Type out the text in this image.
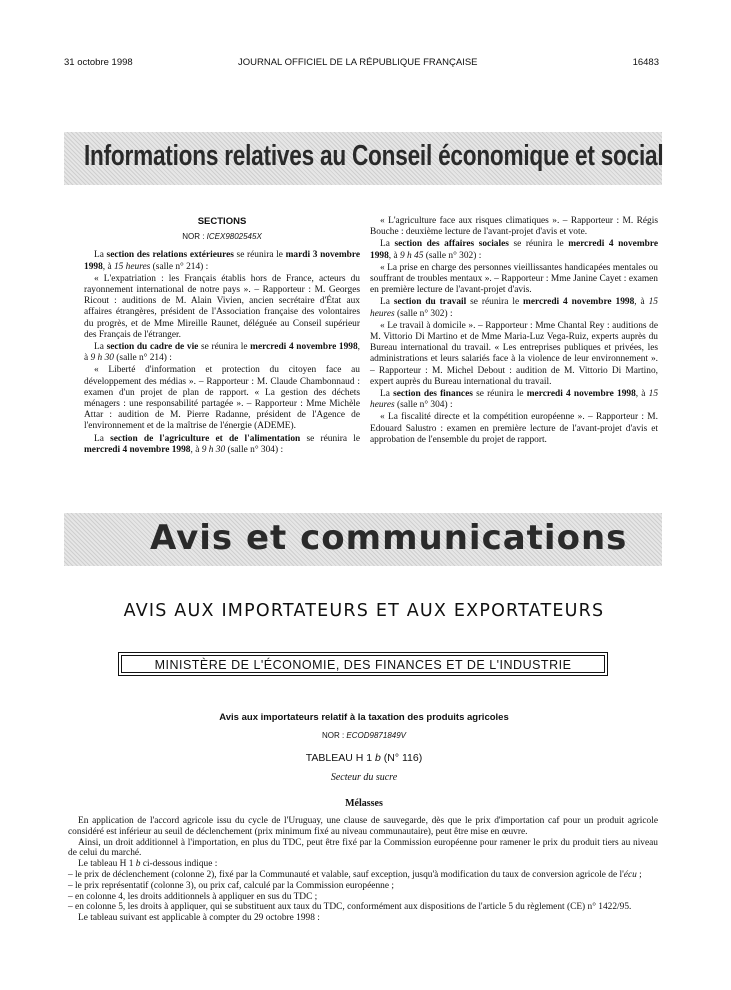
31 octobre 1998	JOURNAL OFFICIEL DE LA RÉPUBLIQUE FRANÇAISE	16483
Informations relatives au Conseil économique et social
SECTIONS
NOR : ICEX9802545X

La section des relations extérieures se réunira le mardi 3 novembre 1998, à 15 heures (salle n° 214) :

« L'expatriation : les Français établis hors de France, acteurs du rayonnement international de notre pays ». – Rapporteur : M. Georges Ricout : auditions de M. Alain Vivien, ancien secrétaire d'État aux affaires étrangères, président de l'Association française des volontaires du progrès, et de Mme Mireille Raunet, déléguée au Conseil supérieur des Français de l'étranger.

La section du cadre de vie se réunira le mercredi 4 novembre 1998, à 9 h 30 (salle n° 214) :

« Liberté d'information et protection du citoyen face au développement des médias ». – Rapporteur : M. Claude Chambonnaud : examen d'un projet de plan de rapport. « La gestion des déchets ménagers : une responsabilité partagée ». – Rapporteur : Mme Michèle Attar : audition de M. Pierre Radanne, président de l'Agence de l'environnement et de la maîtrise de l'énergie (ADEME).

La section de l'agriculture et de l'alimentation se réunira le mercredi 4 novembre 1998, à 9 h 30 (salle n° 304) :

« L'agriculture face aux risques climatiques ». – Rapporteur : M. Régis Bouche : deuxième lecture de l'avant-projet d'avis et vote.

La section des affaires sociales se réunira le mercredi 4 novembre 1998, à 9 h 45 (salle n° 302) :

« La prise en charge des personnes vieillissantes handicapées mentales ou souffrant de troubles mentaux ». – Rapporteur : Mme Janine Cayet : examen en première lecture de l'avant-projet d'avis.

La section du travail se réunira le mercredi 4 novembre 1998, à 15 heures (salle n° 302) :

« Le travail à domicile ». – Rapporteur : Mme Chantal Rey : auditions de M. Vittorio Di Martino et de Mme Maria-Luz Vega-Ruiz, experts auprès du Bureau international du travail. « Les entreprises publiques et privées, les administrations et leurs salariés face à la violence de leur environnement ». – Rapporteur : M. Michel Debout : audition de M. Vittorio Di Martino, expert auprès du Bureau international du travail.

La section des finances se réunira le mercredi 4 novembre 1998, à 15 heures (salle n° 304) :

« La fiscalité directe et la compétition européenne ». – Rapporteur : M. Edouard Salustro : examen en première lecture de l'avant-projet d'avis et approbation de l'ensemble du projet de rapport.

Avis et communications
AVIS AUX IMPORTATEURS ET AUX EXPORTATEURS
MINISTÈRE DE L'ÉCONOMIE, DES FINANCES ET DE L'INDUSTRIE
Avis aux importateurs relatif à la taxation des produits agricoles
NOR : ECOD9871849V
TABLEAU H 1 b (N° 116)
Secteur du sucre
Mélasses

En application de l'accord agricole issu du cycle de l'Uruguay, une clause de sauvegarde, dès que le prix d'importation caf pour un produit agricole considéré est inférieur au seuil de déclenchement (prix minimum fixé au niveau communautaire), peut être mise en œuvre.

Ainsi, un droit additionnel à l'importation, en plus du TDC, peut être fixé par la Commission européenne pour ramener le prix du produit tiers au niveau de celui du marché.

Le tableau H 1 b ci-dessous indique :

– le prix de déclenchement (colonne 2), fixé par la Communauté et valable, sauf exception, jusqu'à modification du taux de conversion agricole de l'écu ;
– le prix représentatif (colonne 3), ou prix caf, calculé par la Commission européenne ;
– en colonne 4, les droits additionnels à appliquer en sus du TDC ;
– en colonne 5, les droits à appliquer, qui se substituent aux taux du TDC, conformément aux dispositions de l'article 5 du règlement (CE) n° 1422/95.

Le tableau suivant est applicable à compter du 29 octobre 1998 :
